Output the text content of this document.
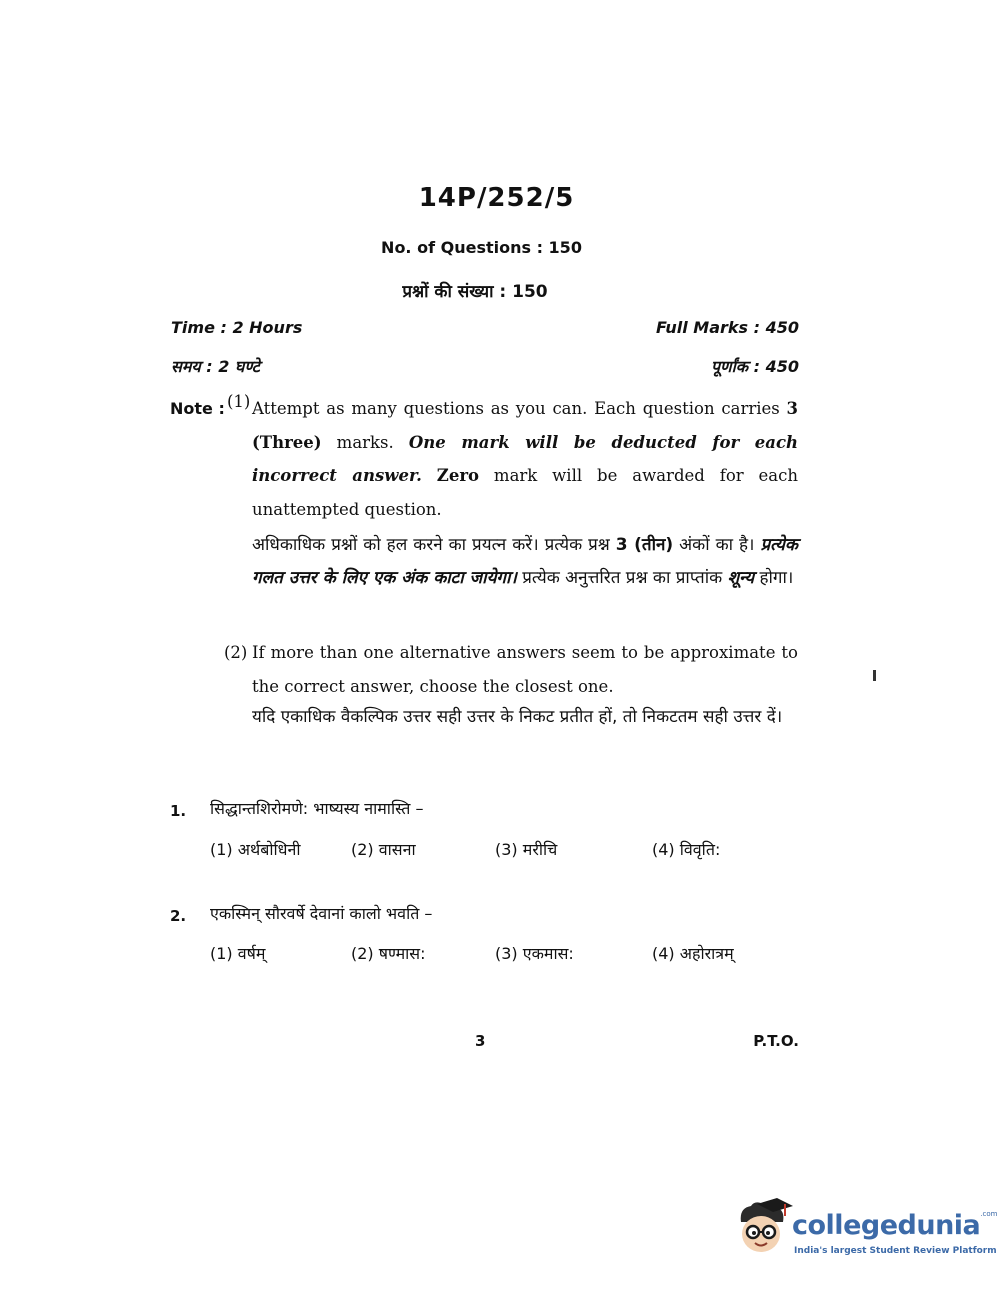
14P/252/5
No. of Questions : 150
प्रश्नों की संख्या : 150
Time : 2 Hours	Full Marks : 450
समय : 2 घण्टे	पूर्णांक : 450
Note : (1) Attempt as many questions as you can. Each question carries 3 (Three) marks. One mark will be deducted for each incorrect answer. Zero mark will be awarded for each unattempted question.
अधिकाधिक प्रश्नों को हल करने का प्रयत्न करें। प्रत्येक प्रश्न 3 (तीन) अंकों का है। प्रत्येक गलत उत्तर के लिए एक अंक काटा जायेगा। प्रत्येक अनुत्तरित प्रश्न का प्राप्तांक शून्य होगा।
(2) If more than one alternative answers seem to be approximate to the correct answer, choose the closest one.
यदि एकाधिक वैकल्पिक उत्तर सही उत्तर के निकट प्रतीत हों, तो निकटतम सही उत्तर दें।
1. सिद्धान्तशिरोमणे: भाष्यस्य नामास्ति –
(1) अर्थबोधिनी	(2) वासना	(3) मरीचि	(4) विवृति:
2. एकस्मिन् सौरवर्षे देवानां कालो भवति –
(1) वर्षम्	(2) षण्मास:	(3) एकमास:	(4) अहोरात्रम्
3	P.T.O.
collegedunia$^{.com}$
India's largest Student Review Platform
